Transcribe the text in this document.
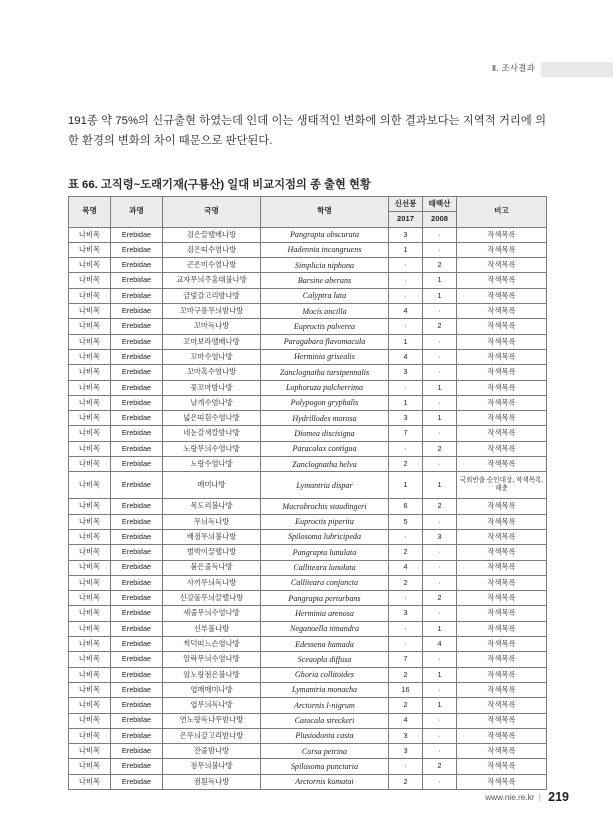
Ⅱ. 조사결과
191종 약 75%의 신규출현 하였는데 인데 이는 생태적인 변화에 의한 결과보다는 지역적 거리에 의한 환경의 변화의 차이 때문으로 판단된다.
표 66. 고직령~도래기재(구룡산) 일대 비교지점의 종 출현 현황
목명	과명	국명	학명	신선봉	태백산	비고
				2017	2008	
나비목	Erebidae	검은끌땔배나방	Pangrapta obscurata	3	·	작색목록
나비목	Erebidae	검은띠수염나방	Hadennia incongruens	1	·	작색목록
나비목	Erebidae	곤은미수염나방	Simplicia niphona	·	2	작색목록
나비목	Erebidae	교자무늬주홍태불나방	Barsine aberans	·	1	작색목록
나비목	Erebidae	금빛갈고리밤나방	Calyptra lata	·	1	작색목록
나비목	Erebidae	꼬마구름무늬밤나방	Mocis ancilla	4	·	작색목록
나비목	Erebidae	꼬마독나방	Euproctis pulverea	·	2	작색목록
나비목	Erebidae	꼬마보라땔배나방	Paragabara flavomacula	1	·	작색목록
나비목	Erebidae	꼬마수염나방	Herminia grisealis	4	·	작색목록
나비목	Erebidae	꼬마혹수염나방	Zanclognatha tarsipennalis	3	·	작색목록
나비목	Erebidae	꽃꼬마밤나방	Lophoruza pulcherrima	·	1	작색목록
나비목	Erebidae	날개수염나방	Polypogon gryphalis	1	·	작색목록
나비목	Erebidae	넓은띠흰수염나방	Hydrillodes morosa	3	1	작색목록
나비목	Erebidae	네눈갈색칼밤나방	Diomea discisigna	7	·	작색목록
나비목	Erebidae	노랑무늬수염나방	Paracolax contigua	·	2	작색목록
나비목	Erebidae	노랑수염나방	Zanclognatha helva	2	·	작색목록
나비목	Erebidae	매미나방	Lymantria dispar	1	1	국외반출 승인대상, 작색목록,해충
나비목	Erebidae	목도리불나방	Macrobrochis staudingeri	6	2	작색목록
나비목	Erebidae	무늬독나방	Euproctis piperita	5	·	작색목록
나비목	Erebidae	배점무늬불나방	Spilosoma lubricipeda	·	3	작색목록
나비목	Erebidae	별박이끌땔나방	Pangrapta lunulata	2	·	작색목록
나비목	Erebidae	붉은줄독나방	Calliteara lunulata	4	·	작색목록
나비목	Erebidae	사끼무늬독나방	Calliteara conjuncta	2	·	작색목록
나비목	Erebidae	신갈물무늬끌땔나방	Pangrapta perturbans	·	2	작색목록
나비목	Erebidae	세줄무늬수염나방	Herminia arenosa	3	·	작색목록
나비목	Erebidae	신부불나방	Neganoella timandra	·	1	작색목록
나비목	Erebidae	썩덕띠느슨염나방	Edessena hamada	·	4	작색목록
나비목	Erebidae	알락무늬수염나방	Sceaopla diffusa	7	·	작색목록
나비목	Erebidae	암노랑점은불나방	Ghoria collitoides	2	1	작색목록
나비목	Erebidae	엽매매미나방	Lymantria monacha	16	·	작색목록
나비목	Erebidae	엽무늬독나방	Arctornis l-nigrum	2	1	작색목록
나비목	Erebidae	연노랑독나무밤나방	Catocala streckeri	4	·	작색목록
나비목	Erebidae	은무늬갈고리밤나방	Plusiodonta casta	3	·	작색목록
나비목	Erebidae	잔줄밤나방	Corsa petrina	3	·	작색목록
나비목	Erebidae	점무늬불나방	Spilosoma punctaria	·	2	작색목록
나비목	Erebidae	점흰독나방	Arctornis kumatai	2	·	작색목록
www.nie.re.kr | 219
